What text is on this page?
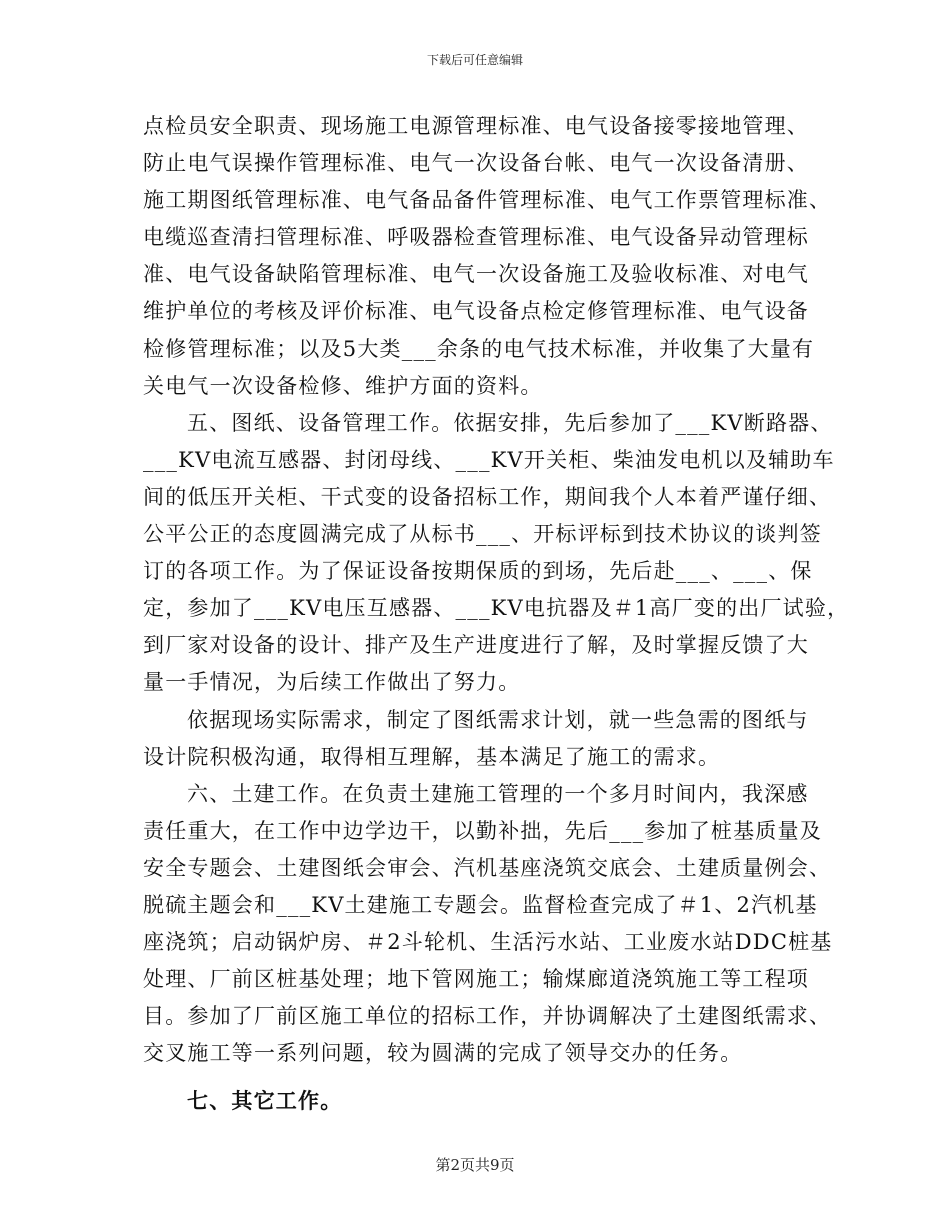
下载后可任意编辑
点检员安全职责、现场施工电源管理标准、电气设备接零接地管理、
防止电气误操作管理标准、电气一次设备台帐、电气一次设备清册、
施工期图纸管理标准、电气备品备件管理标准、电气工作票管理标准、
电缆巡查清扫管理标准、呼吸器检查管理标准、电气设备异动管理标
准、电气设备缺陷管理标准、电气一次设备施工及验收标准、对电气
维护单位的考核及评价标准、电气设备点检定修管理标准、电气设备
检修管理标准；以及5大类___余条的电气技术标准，并收集了大量有
关电气一次设备检修、维护方面的资料。
五、图纸、设备管理工作。依据安排，先后参加了___KV断路器、
___KV电流互感器、封闭母线、___KV开关柜、柴油发电机以及辅助车
间的低压开关柜、干式变的设备招标工作，期间我个人本着严谨仔细、
公平公正的态度圆满完成了从标书___、开标评标到技术协议的谈判签
订的各项工作。为了保证设备按期保质的到场，先后赴___、___、保
定，参加了___KV电压互感器、___KV电抗器及＃1高厂变的出厂试验，
到厂家对设备的设计、排产及生产进度进行了解，及时掌握反馈了大
量一手情况，为后续工作做出了努力。
依据现场实际需求，制定了图纸需求计划，就一些急需的图纸与
设计院积极沟通，取得相互理解，基本满足了施工的需求。
六、土建工作。在负责土建施工管理的一个多月时间内，我深感
责任重大，在工作中边学边干，以勤补拙，先后___参加了桩基质量及
安全专题会、土建图纸会审会、汽机基座浇筑交底会、土建质量例会、
脱硫主题会和___KV土建施工专题会。监督检查完成了＃1、2汽机基
座浇筑；启动锅炉房、＃2斗轮机、生活污水站、工业废水站DDC桩基
处理、厂前区桩基处理；地下管网施工；输煤廊道浇筑施工等工程项
目。参加了厂前区施工单位的招标工作，并协调解决了土建图纸需求、
交叉施工等一系列问题，较为圆满的完成了领导交办的任务。
七、其它工作。
第2页共9页
